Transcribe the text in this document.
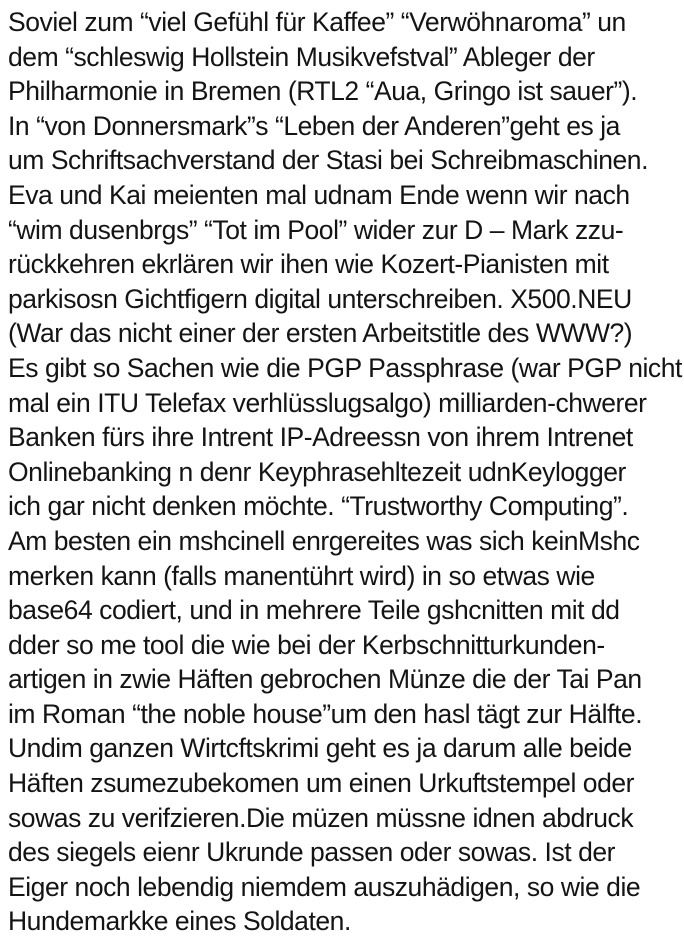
Soviel zum “viel Gefühl für Kaffee” “Verwöhnaroma” un
dem “schleswig Hollstein Musikvefstval” Ableger der
Philharmonie in Bremen (RTL2 “Aua, Gringo ist sauer”).
In “von Donnersmark”s “Leben der Anderen”geht es ja
um Schriftsachverstand der Stasi bei Schreibmaschinen.
Eva und Kai meienten mal udnam Ende wenn wir nach
“wim dusenbrgs” “Tot im Pool” wider zur D – Mark zzu-
rückkehren ekrlären wir ihen wie Kozert-Pianisten mit
parkisosn Gichtfigern digital unterschreiben. X500.NEU
(War das nicht einer der ersten Arbeitstitle des WWW?)
Es gibt so Sachen wie die PGP Passphrase (war PGP nicht
mal ein ITU Telefax verhlüsslugsalgo) milliarden-chwerer
Banken fürs ihre Intrent IP-Adreessn von ihrem Intrenet
Onlinebanking n denr Keyphrasehltezeit udnKeylogger
ich gar nicht denken möchte. “Trustworthy Computing”.
Am besten ein mshcinell enrgereites was sich keinMshc
merken kann (falls manentührt wird) in so etwas wie
base64 codiert, und in mehrere Teile gshcnitten mit dd
dder so me tool die wie bei der Kerbschnitturkunden-
artigen in zwie Häften gebrochen Münze die der Tai Pan
im Roman “the noble house”um den hasl tägt zur Hälfte.
Undim ganzen Wirtcftskrimi geht es ja darum alle beide
Häften zsumezubekomen um einen Urkuftstempel oder
sowas zu verifzieren.Die müzen müssne idnen abdruck
des siegels eienr Ukrunde passen oder sowas. Ist der
Eiger noch lebendig niemdem auszuhädigen, so wie die
Hundemarkke eines Soldaten.
